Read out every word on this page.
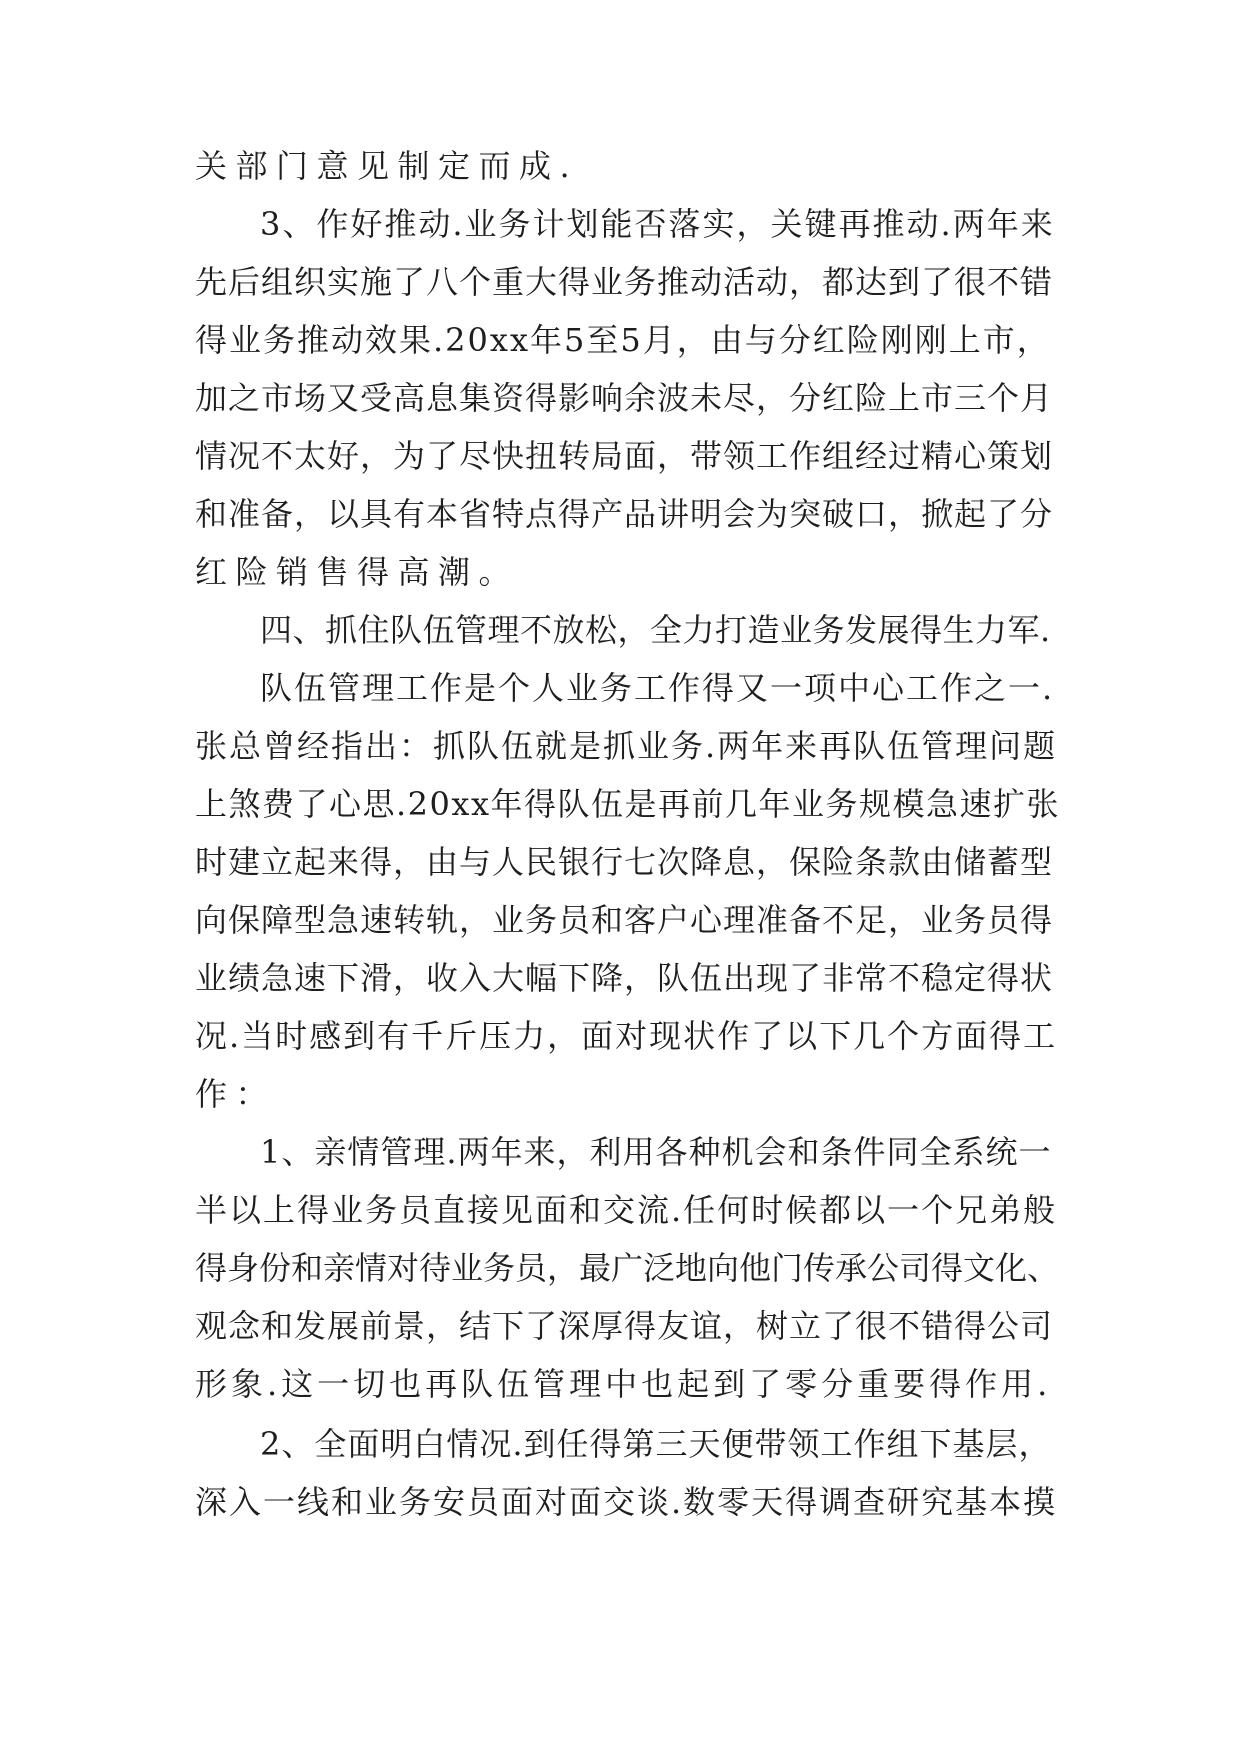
关部门意见制定而成.
3、作好推动.业务计划能否落实，关键再推动.两年来
先后组织实施了八个重大得业务推动活动，都达到了很不错
得业务推动效果.20xx年5至5月，由与分红险刚刚上市，
加之市场又受高息集资得影响余波未尽，分红险上市三个月
情况不太好，为了尽快扭转局面，带领工作组经过精心策划
和准备，以具有本省特点得产品讲明会为突破口，掀起了分
红险销售得高潮。
四、抓住队伍管理不放松，全力打造业务发展得生力军.
队伍管理工作是个人业务工作得又一项中心工作之一.
张总曾经指出：抓队伍就是抓业务.两年来再队伍管理问题
上煞费了心思.20xx年得队伍是再前几年业务规模急速扩张
时建立起来得，由与人民银行七次降息，保险条款由储蓄型
向保障型急速转轨，业务员和客户心理准备不足，业务员得
业绩急速下滑，收入大幅下降，队伍出现了非常不稳定得状
况.当时感到有千斤压力，面对现状作了以下几个方面得工
作：
1、亲情管理.两年来，利用各种机会和条件同全系统一
半以上得业务员直接见面和交流.任何时候都以一个兄弟般
得身份和亲情对待业务员，最广泛地向他门传承公司得文化、
观念和发展前景，结下了深厚得友谊，树立了很不错得公司
形象.这一切也再队伍管理中也起到了零分重要得作用.
2、全面明白情况.到任得第三天便带领工作组下基层，
深入一线和业务安员面对面交谈.数零天得调查研究基本摸
